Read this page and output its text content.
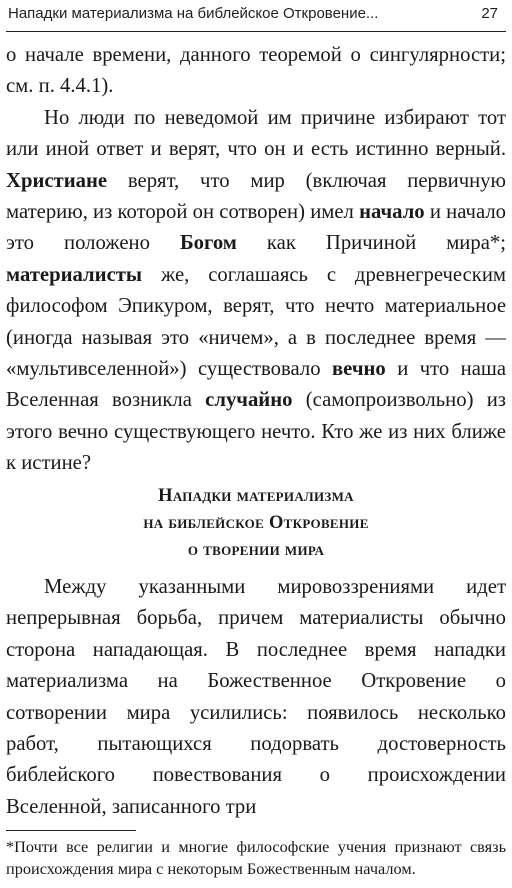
Нападки материализма на библейское Откровение...	27

о начале времени, данного теоремой о сингулярности; см. п. 4.4.1).

Но люди по неведомой им причине избирают тот или иной ответ и верят, что он и есть истинно верный. Христиане верят, что мир (включая первичную материю, из которой он сотворен) имел начало и начало это положено Богом как Причиной мира*; материалисты же, соглашаясь с древнегреческим философом Эпикуром, верят, что нечто материальное (иногда называя это «ничем», а в последнее время — «мультивселенной») существовало вечно и что наша Вселенная возникла случайно (самопроизвольно) из этого вечно существующего нечто. Кто же из них ближе к истине?

Нападки материализма
на библейское Откровение
о творении мира

Между указанными мировоззрениями идет непрерывная борьба, причем материалисты обычно сторона нападающая. В последнее время нападки материализма на Божественное Откровение о сотворении мира усилились: появилось несколько работ, пытающихся подорвать достоверность библейского повествования о происхождении Вселенной, записанного три

*Почти все религии и многие философские учения признают связь происхождения мира с некоторым Божественным началом.
